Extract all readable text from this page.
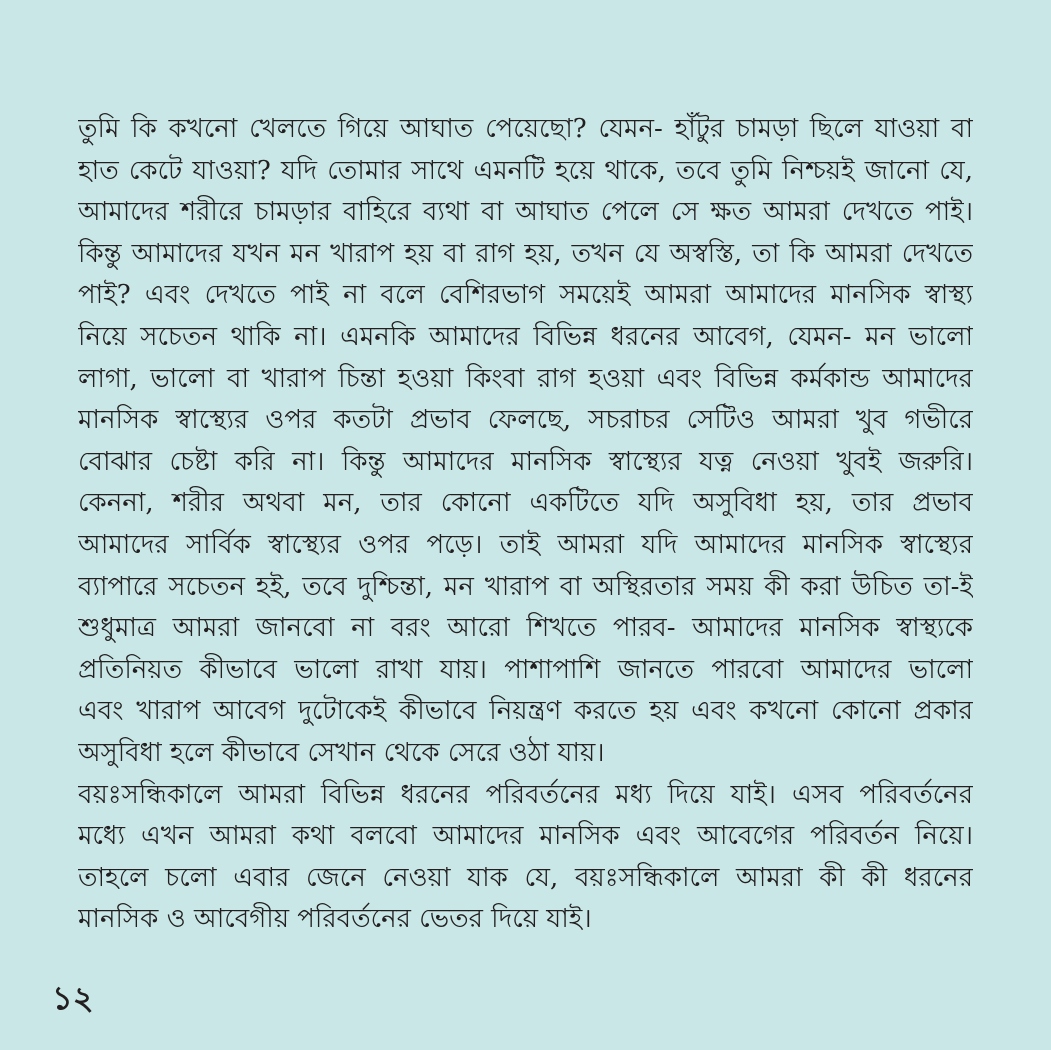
তুমি কি কখনো খেলতে গিয়ে আঘাত পেয়েছো? যেমন- হাঁটুর চামড়া ছিলে যাওয়া বা
হাত কেটে যাওয়া? যদি তোমার সাথে এমনটি হয়ে থাকে, তবে তুমি নিশ্চয়ই জানো যে,
আমাদের শরীরে চামড়ার বাহিরে ব্যথা বা আঘাত পেলে সে ক্ষত আমরা দেখতে পাই।
কিন্তু আমাদের যখন মন খারাপ হয় বা রাগ হয়, তখন যে অস্বস্তি, তা কি আমরা দেখতে
পাই? এবং দেখতে পাই না বলে বেশিরভাগ সময়েই আমরা আমাদের মানসিক স্বাস্থ্য
নিয়ে সচেতন থাকি না। এমনকি আমাদের বিভিন্ন ধরনের আবেগ, যেমন- মন ভালো
লাগা, ভালো বা খারাপ চিন্তা হওয়া কিংবা রাগ হওয়া এবং বিভিন্ন কর্মকান্ড আমাদের
মানসিক স্বাস্থ্যের ওপর কতটা প্রভাব ফেলছে, সচরাচর সেটিও আমরা খুব গভীরে
বোঝার চেষ্টা করি না। কিন্তু আমাদের মানসিক স্বাস্থ্যের যত্ন নেওয়া খুবই জরুরি।
কেননা, শরীর অথবা মন, তার কোনো একটিতে যদি অসুবিধা হয়, তার প্রভাব
আমাদের সার্বিক স্বাস্থ্যের ওপর পড়ে। তাই আমরা যদি আমাদের মানসিক স্বাস্থ্যের
ব্যাপারে সচেতন হই, তবে দুশ্চিন্তা, মন খারাপ বা অস্থিরতার সময় কী করা উচিত তা-ই
শুধুমাত্র আমরা জানবো না বরং আরো শিখতে পারব- আমাদের মানসিক স্বাস্থ্যকে
প্রতিনিয়ত কীভাবে ভালো রাখা যায়। পাশাপাশি জানতে পারবো আমাদের ভালো
এবং খারাপ আবেগ দুটোকেই কীভাবে নিয়ন্ত্রণ করতে হয় এবং কখনো কোনো প্রকার
অসুবিধা হলে কীভাবে সেখান থেকে সেরে ওঠা যায়।
বয়ঃসন্ধিকালে আমরা বিভিন্ন ধরনের পরিবর্তনের মধ্য দিয়ে যাই। এসব পরিবর্তনের
মধ্যে এখন আমরা কথা বলবো আমাদের মানসিক এবং আবেগের পরিবর্তন নিয়ে।
তাহলে চলো এবার জেনে নেওয়া যাক যে, বয়ঃসন্ধিকালে আমরা কী কী ধরনের
মানসিক ও আবেগীয় পরিবর্তনের ভেতর দিয়ে যাই।
১২
